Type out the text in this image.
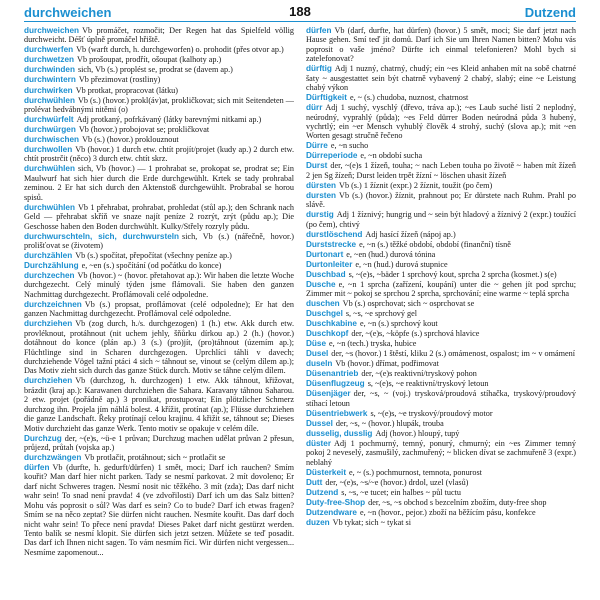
durchweichen	188	Dutzend

durchweichen Vb promáčet, rozmočit; Der Regen hat das Spielfeld völlig durchweicht. Déšť úplně promáčel hřiště.

durchwerfen Vb (warft durch, h. durchgeworfen) o. prohodit (přes otvor ap.)

durchwetzen Vb prošoupat, prodřít, ošoupat (kalhoty ap.)

durchwinden sich, Vb (s.) proplést se, prodrat se (davem ap.)

durchwintern Vb přezimovat (rostliny)

durchwirken Vb protkat, propracovat (látku)

durchwühlen Vb (s.) (hovor.) prokl(áv)at, prokličkovat; sich mit Seitendeten — prolévat hedvábnými nitěmi (o)

durchwürfelt Adj protkaný, pofrkávaný (látky barevnými nitkami ap.)

durchwürgen Vb (hovor.) probojovat se; prokličkovat

durchwischen Vb (s.) (hovor.) proklouznout

durchwollen Vb (hovor.) 1 durch etw. chtít projít/projet (kudy ap.) 2 durch etw. chtít prostrčit (něco) 3 durch etw. chtít skrz.

durchwühlen sich, Vb (hovor.) — 1 prohrabat se, prokopat se, prodrat se; Ein Maulwurf hat sich hier durch die Erde durchgewühlt. Krtek se tady prohrabal zeminou. 2 Er hat sich durch den Aktenstoß durchgewühlt. Probrabal se horou spisů.

durchwühlen Vb 1 přehrabat, prohrabat, prohledat (stůl ap.); den Schrank nach Geld — přehrabat skříň ve snaze najít peníze 2 rozrýt, zrýt (půdu ap.); Die Geschosse haben den Boden durchwühlt. Kulky/Střely rozryly půdu.

durchwurschteln, sich, durchwursteln sich, Vb (s.) (nářečně, hovor.) prolišťovat se (životem)

durchzählen Vb (s.) spočítat, přepočítat (všechny peníze ap.)

Durchzählung e, ~en (s.) spočítání (od počátku do konce)

durchzechen Vb (hovor.) ~ (hovor. přetahovat ap.): Wir haben die letzte Woche durchgezecht. Celý minulý týden jsme flámovali. Sie haben den ganzen Nachmittag durchgezecht. Proflámovali celé odpoledne.

durchzeichnen Vb (s.) propsat, proflámovat (celé odpoledne); Er hat den ganzen Nachmittag durchgezecht. Proflámoval celé odpoledne.

durchziehen Vb (zog durch, h./s. durchgezogen) 1 (h.) etw. Akk durch etw. provléknout, protáhnout (nit uchem jehly, šňůrku dírkou ap.) 2 (h.) (hovor.) dotáhnout do konce (plán ap.) 3 (s.) (pro)jít, (pro)táhnout (územím ap.); Flüchtlinge sind in Scharen durchgezogen. Uprchlíci táhli v davech; durchziehende Vögel tažní ptáci 4 sich ~ táhnout se, vinout se (celým dílem ap.); Das Motiv zieht sich durch das ganze Stück durch. Motiv se táhne celým dílem.

durchziehen Vb (durchzog, h. durchzogen) 1 etw. Akk táhnout, křižovat, brázdit (kraj ap.): Karawanen durchziehen die Sahara. Karavany táhnou Saharou. 2 etw. projet (pořádně ap.) 3 pronikat, prostupovat; Ein plötzlicher Schmerz durchzog ihn. Projela jím náhlá bolest. 4 křížit, protínat (ap.); Flüsse durchziehen die ganze Landschaft. Řeky protínají celou krajinu. 4 křižit se, táhnout se; Dieses Motiv durchzieht das ganze Werk. Tento motiv se opakuje v celém díle.

Durchzug der, ~(e)s, ~ü-e 1 průvan; Durchzug machen udělat průvan 2 přesun, průjezd, průtah (vojska ap.)

durchzwängen Vb protlačit, protáhnout; sich ~ protlačit se

dürfen Vb (durfte, h. gedurft/dürfen) 1 smět, moci; Darf ich rauchen? Smím kouřit? Man darf hier nicht parken. Tady se nesmí parkovat. 2 mít dovoleno; Er darf nicht Schweres tragen. Nesmí nosit nic těžkého. 3 mít (zda); Das darf nicht wahr sein! To snad není pravda! 4 (ve zdvořilosti) Darf ich um das Salz bitten? Mohu vás poprosit o sůl? Was darf es sein? Co to bude? Darf ich etwas fragen? Smím se na něco zeptat? Sie dürfen nicht rauchen. Nesmíte kouřit. Das darf doch nicht wahr sein! To přece není pravda! Dieses Paket darf nicht gestürzt werden. Tento balík se nesmí klopit. Sie dürfen sich jetzt setzen. Můžete se teď posadit. Das darf ich Ihnen nicht sagen. To vám nesmím říci. Wir dürfen nicht vergessen... Nesmíme zapomenout...

dürfen Vb (darf, durfte, hat dürfen) (hovor.) 5 smět, moci; Sie darf jetzt nach Hause gehen. Smí teď jít domů. Darf ich Sie um Ihren Namen bitten? Mohu vás poprosit o vaše jméno? Dürfte ich einmal telefonieren? Mohl bych si zatelefonovat?

dürftig Adj 1 nuzný, chatrný, chudý; ein ~es Kleid anhaben mít na sobě chatrné šaty ~ ausgestattet sein být chatrně vybavený 2 chabý, slabý; eine ~e Leistung chabý výkon

Dürftigkeit e, ~ (s.) chudoba, nuznost, chatrnost

dürr Adj 1 suchý, vyschlý (dřevo, tráva ap.); ~es Laub suché listí 2 neplodný, neúrodný, vyprahlý (půda); ~es Feld dürrer Boden neúrodná půda 3 hubený, vychrtlý; ein ~er Mensch vyhublý člověk 4 strohý, suchý (slova ap.); mit ~en Worten gesagt stručně řečeno

Dürre e, ~n sucho

Dürreperiode e, ~n období sucha

Durst der, ~(e)s 1 žízeň, touha; ~ nach Leben touha po životě ~ haben mít žízeň 2 jen Sg žízeň; Durst leiden trpět žízní ~ löschen uhasit žízeň

dürsten Vb (s.) 1 žíznit (expr.) 2 žíznit, toužit (po čem)

dursten Vb (s.) (hovor.) žíznit, prahnout po; Er dürstete nach Ruhm. Prahl po slávě.

durstig Adj 1 žíznivý; hungrig und ~ sein být hladový a žíznivý 2 (expr.) toužící (po čem), chtivý

durstlöschend Adj hasící žízeň (nápoj ap.)

Durststrecke e, ~n (s.) těžké období, období (finanční) tísně

Durtonart e, ~en (hud.) durová tónina

Durtonleiter e, ~n (hud.) durová stupnice

Duschbad s, ~(e)s, ~bäder 1 sprchový kout, sprcha 2 sprcha (kosmet.) s(e)

Dusche e, ~n 1 sprcha (zařízení, koupání) unter die ~ gehen jít pod sprchu; Zimmer mit ~ pokoj se sprchou 2 sprcha, sprchování; eine warme ~ teplá sprcha

duschen Vb (s.) osprchovat; sich ~ osprchovat se

Duschgel s, ~s, ~e sprchový gel

Duschkabine e, ~n (s.) sprchový kout

Duschkopf der, ~(e)s, ~köpfe (s.) sprchová hlavice

Düse e, ~n (tech.) tryska, hubice

Dusel der, ~s (hovor.) 1 štěstí, kliku 2 (s.) omámenost, ospalost; im ~ v omámení

duseln Vb (hovor.) dřímat, podřimovat

Düsenantrieb der, ~(e)s reaktivní/tryskový pohon

Düsenflugzeug s, ~(e)s, ~e reaktivní/tryskový letoun

Düsenjäger der, ~s, ~ (voj.) trysková/proudová stíhačka, tryskový/proudový stíhací letoun

Düsentriebwerk s, ~(e)s, ~e tryskový/proudový motor

Dussel der, ~s, ~ (hovor.) hlupák, trouba

dusselig, dusslig Adj (hovor.) hloupý, tupý

düster Adj 1 pochmurný, temný, ponurý, chmurný; ein ~es Zimmer temný pokoj 2 neveselý, zasmušilý, zachmuřený; ~ blicken dívat se zachmuřeně 3 (expr.) neblahý

Düsterkeit e, ~ (s.) pochmurnost, temnota, ponurost

Dutt der, ~(e)s, ~s/~e (hovor.) drdol, uzel (vlasů)

Dutzend s, ~s, ~e tucet; ein halbes ~ půl tuctu

Duty-free-Shop der, ~s, ~s obchod s bezcelním zbožím, duty-free shop

Dutzendware e, ~n (hovor., pejor.) zboží na běžícím pásu, konfekce

duzen Vb tykat; sich ~ tykat si
